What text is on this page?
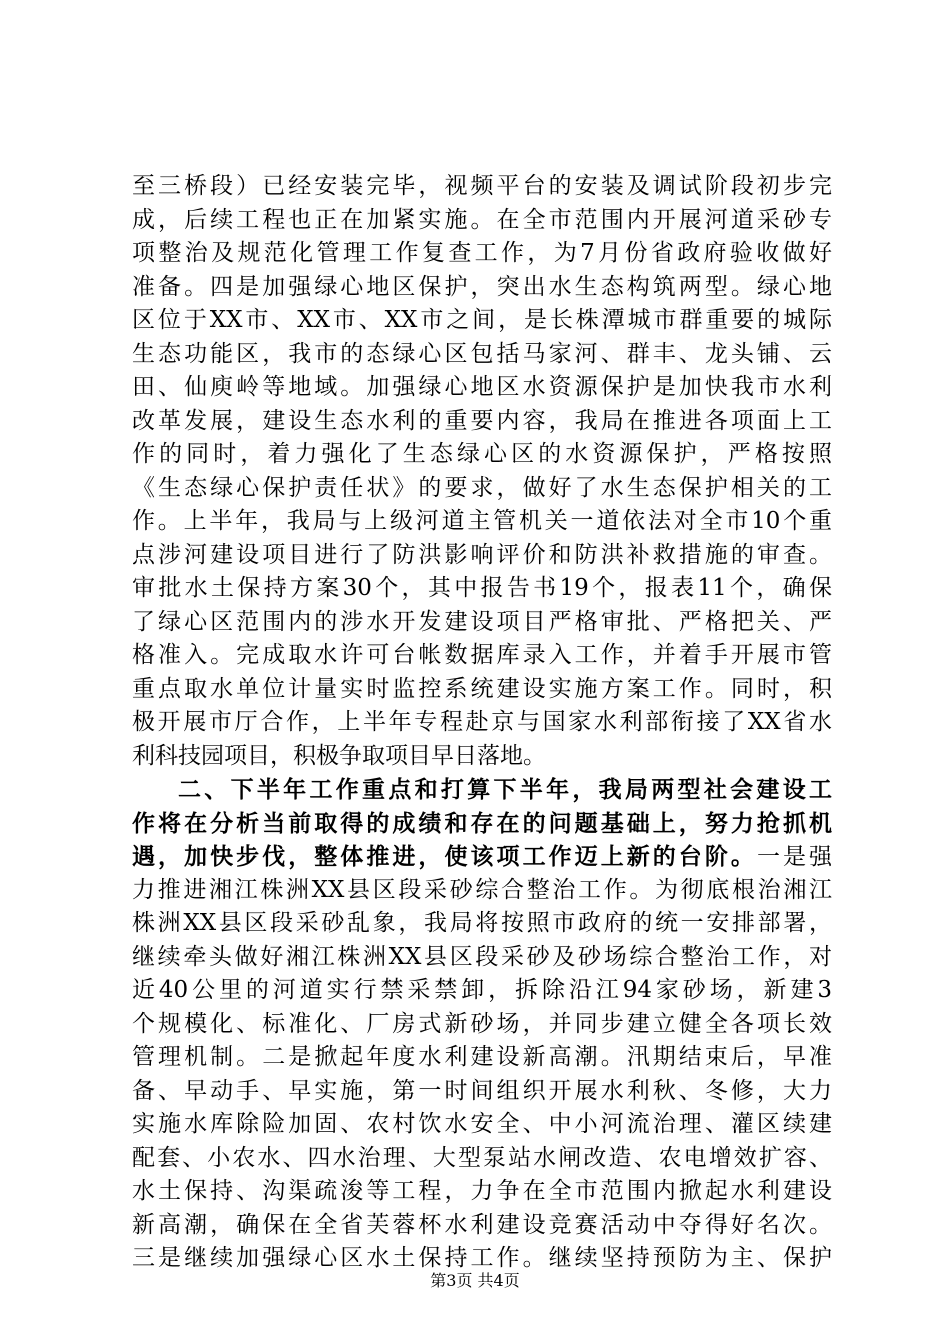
至三桥段）已经安装完毕，视频平台的安装及调试阶段初步完
成，后续工程也正在加紧实施。在全市范围内开展河道采砂专
项整治及规范化管理工作复查工作，为7月份省政府验收做好
准备。四是加强绿心地区保护，突出水生态构筑两型。绿心地
区位于XX市、XX市、XX市之间，是长株潭城市群重要的城际
生态功能区，我市的态绿心区包括马家河、群丰、龙头铺、云
田、仙庾岭等地域。加强绿心地区水资源保护是加快我市水利
改革发展，建设生态水利的重要内容，我局在推进各项面上工
作的同时，着力强化了生态绿心区的水资源保护，严格按照
《生态绿心保护责任状》的要求，做好了水生态保护相关的工
作。上半年，我局与上级河道主管机关一道依法对全市10个重
点涉河建设项目进行了防洪影响评价和防洪补救措施的审查。
审批水土保持方案30个，其中报告书19个，报表11个，确保
了绿心区范围内的涉水开发建设项目严格审批、严格把关、严
格准入。完成取水许可台帐数据库录入工作，并着手开展市管
重点取水单位计量实时监控系统建设实施方案工作。同时，积
极开展市厅合作，上半年专程赴京与国家水利部衔接了XX省水
利科技园项目，积极争取项目早日落地。
二、下半年工作重点和打算下半年，我局两型社会建设工
作将在分析当前取得的成绩和存在的问题基础上，努力抢抓机
遇，加快步伐，整体推进，使该项工作迈上新的台阶。一是强
力推进湘江株洲XX县区段采砂综合整治工作。为彻底根治湘江
株洲XX县区段采砂乱象，我局将按照市政府的统一安排部署，
继续牵头做好湘江株洲XX县区段采砂及砂场综合整治工作，对
近40公里的河道实行禁采禁卸，拆除沿江94家砂场，新建3
个规模化、标准化、厂房式新砂场，并同步建立健全各项长效
管理机制。二是掀起年度水利建设新高潮。汛期结束后，早准
备、早动手、早实施，第一时间组织开展水利秋、冬修，大力
实施水库除险加固、农村饮水安全、中小河流治理、灌区续建
配套、小农水、四水治理、大型泵站水闸改造、农电增效扩容、
水土保持、沟渠疏浚等工程，力争在全市范围内掀起水利建设
新高潮，确保在全省芙蓉杯水利建设竞赛活动中夺得好名次。
三是继续加强绿心区水土保持工作。继续坚持预防为主、保护
第3页 共4页
